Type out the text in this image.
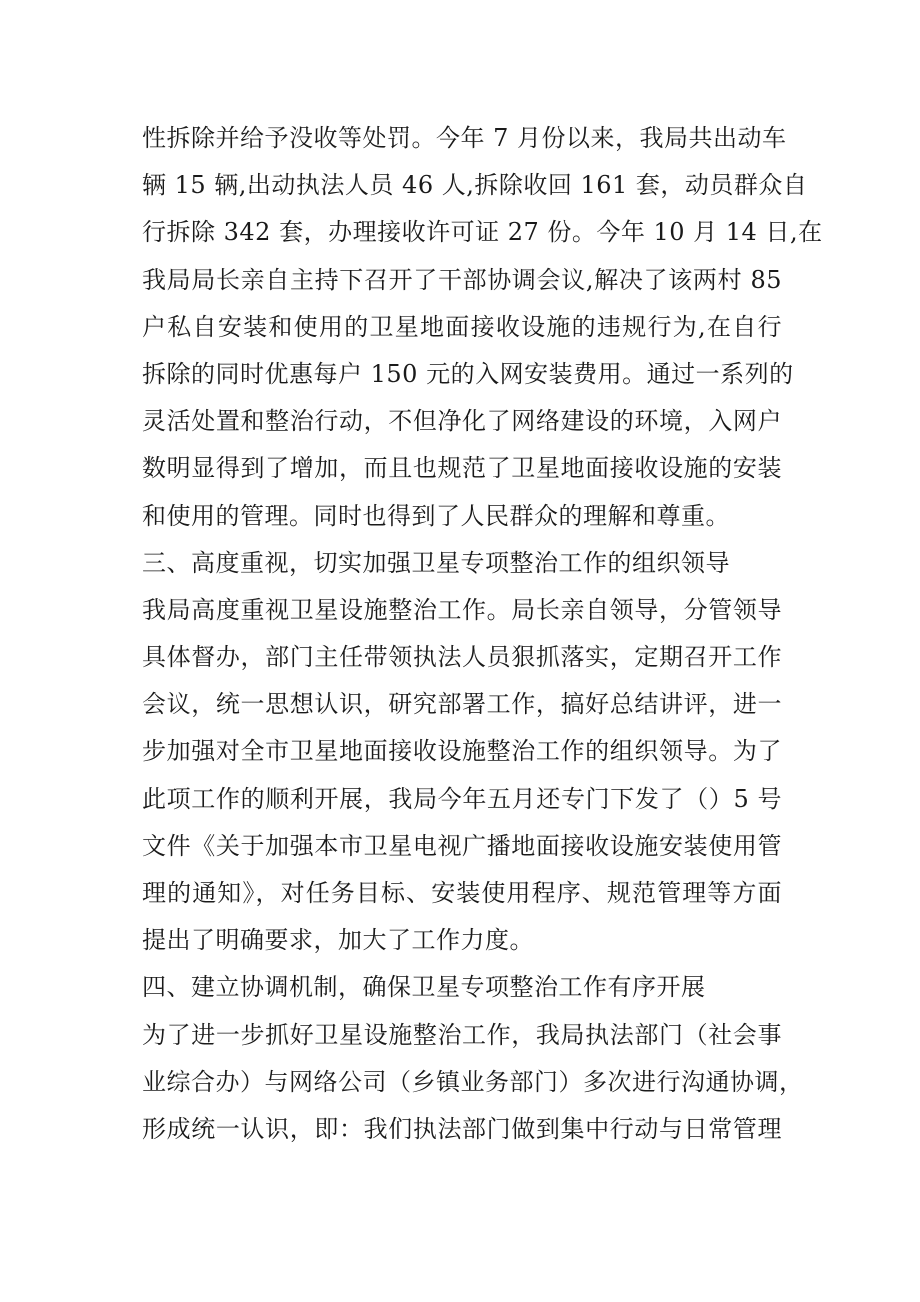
性拆除并给予没收等处罚。今年 7 月份以来，我局共出动车
辆 15 辆,出动执法人员 46 人,拆除收回 161 套，动员群众自
行拆除 342 套，办理接收许可证 27 份。今年 10 月 14 日,在
我局局长亲自主持下召开了干部协调会议,解决了该两村 85
户私自安装和使用的卫星地面接收设施的违规行为,在自行
拆除的同时优惠每户 150 元的入网安装费用。通过一系列的
灵活处置和整治行动，不但净化了网络建设的环境，入网户
数明显得到了增加，而且也规范了卫星地面接收设施的安装
和使用的管理。同时也得到了人民群众的理解和尊重。
三、高度重视，切实加强卫星专项整治工作的组织领导
我局高度重视卫星设施整治工作。局长亲自领导，分管领导
具体督办，部门主任带领执法人员狠抓落实，定期召开工作
会议，统一思想认识，研究部署工作，搞好总结讲评，进一
步加强对全市卫星地面接收设施整治工作的组织领导。为了
此项工作的顺利开展，我局今年五月还专门下发了（）5 号
文件《关于加强本市卫星电视广播地面接收设施安装使用管
理的通知》，对任务目标、安装使用程序、规范管理等方面
提出了明确要求，加大了工作力度。
四、建立协调机制，确保卫星专项整治工作有序开展
为了进一步抓好卫星设施整治工作，我局执法部门（社会事
业综合办）与网络公司（乡镇业务部门）多次进行沟通协调，
形成统一认识，即：我们执法部门做到集中行动与日常管理
